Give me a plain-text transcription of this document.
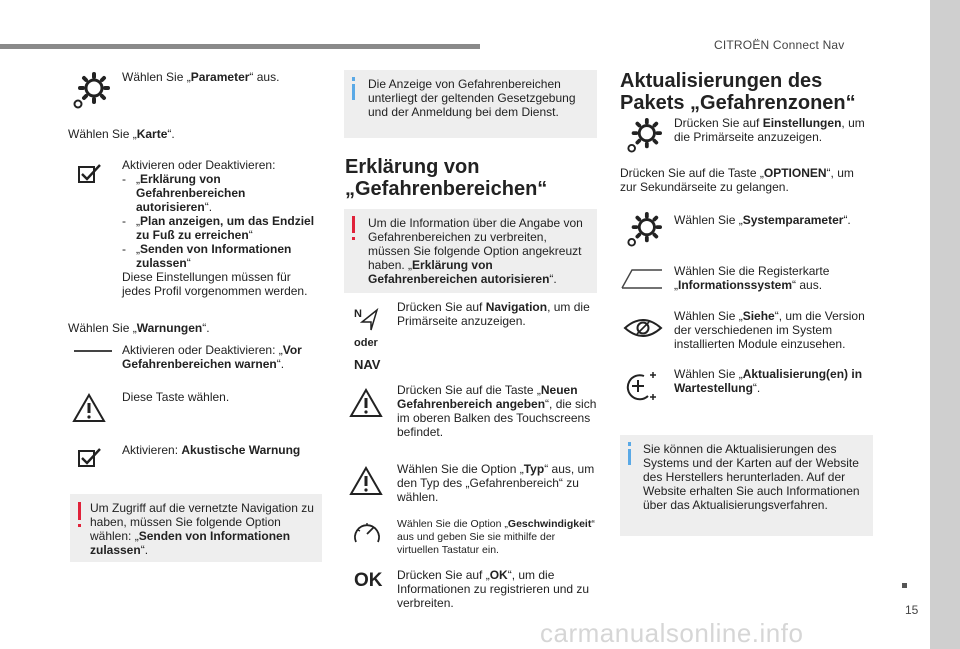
CITROËN Connect Nav
15
carmanualsonline.info

Wählen Sie „Parameter“ aus.

Wählen Sie „Karte“.

Aktivieren oder Deaktivieren:

- „Erklärung von Gefahrenbereichen autorisieren“.
- „Plan anzeigen, um das Endziel zu Fuß zu erreichen“
- „Senden von Informationen zulassen“

Diese Einstellungen müssen für jedes Profil vorgenommen werden.

Wählen Sie „Warnungen“.

Aktivieren oder Deaktivieren: „Vor Gefahrenbereichen warnen“.

Diese Taste wählen.

Aktivieren: Akustische Warnung

Um Zugriff auf die vernetzte Navigation zu haben, müssen Sie folgende Option wählen: „Senden von Informationen zulassen“.

Die Anzeige von Gefahrenbereichen unterliegt der geltenden Gesetzgebung und der Anmeldung bei dem Dienst.

Erklärung von „Gefahrenbereichen“

Um die Information über die Angabe von Gefahrenbereichen zu verbreiten, müssen Sie folgende Option angekreuzt haben. „Erklärung von Gefahrenbereichen autorisieren“.

N

oder

NAV

Drücken Sie auf Navigation, um die Primärseite anzuzeigen.

Drücken Sie auf die Taste „Neuen Gefahrenbereich angeben“, die sich im oberen Balken des Touchscreens befindet.

Wählen Sie die Option „Typ“ aus, um den Typ des „Gefahrenbereich“ zu wählen.

Wählen Sie die Option „Geschwindigkeit“ aus und geben Sie sie mithilfe der virtuellen Tastatur ein.

OK Drücken Sie auf „OK“, um die Informationen zu registrieren und zu verbreiten.

Aktualisierungen des Pakets „Gefahrenzonen“

Drücken Sie auf Einstellungen, um die Primärseite anzuzeigen.

Drücken Sie auf die Taste „OPTIONEN“, um zur Sekundärseite zu gelangen.

Wählen Sie „Systemparameter“.

Wählen Sie die Registerkarte „Informationssystem“ aus.

Wählen Sie „Siehe“, um die Version der verschiedenen im System installierten Module einzusehen.

Wählen Sie „Aktualisierung(en) in Wartestellung“.

Sie können die Aktualisierungen des Systems und der Karten auf der Website des Herstellers herunterladen. Auf der Website erhalten Sie auch Informationen über das Aktualisierungsverfahren.
